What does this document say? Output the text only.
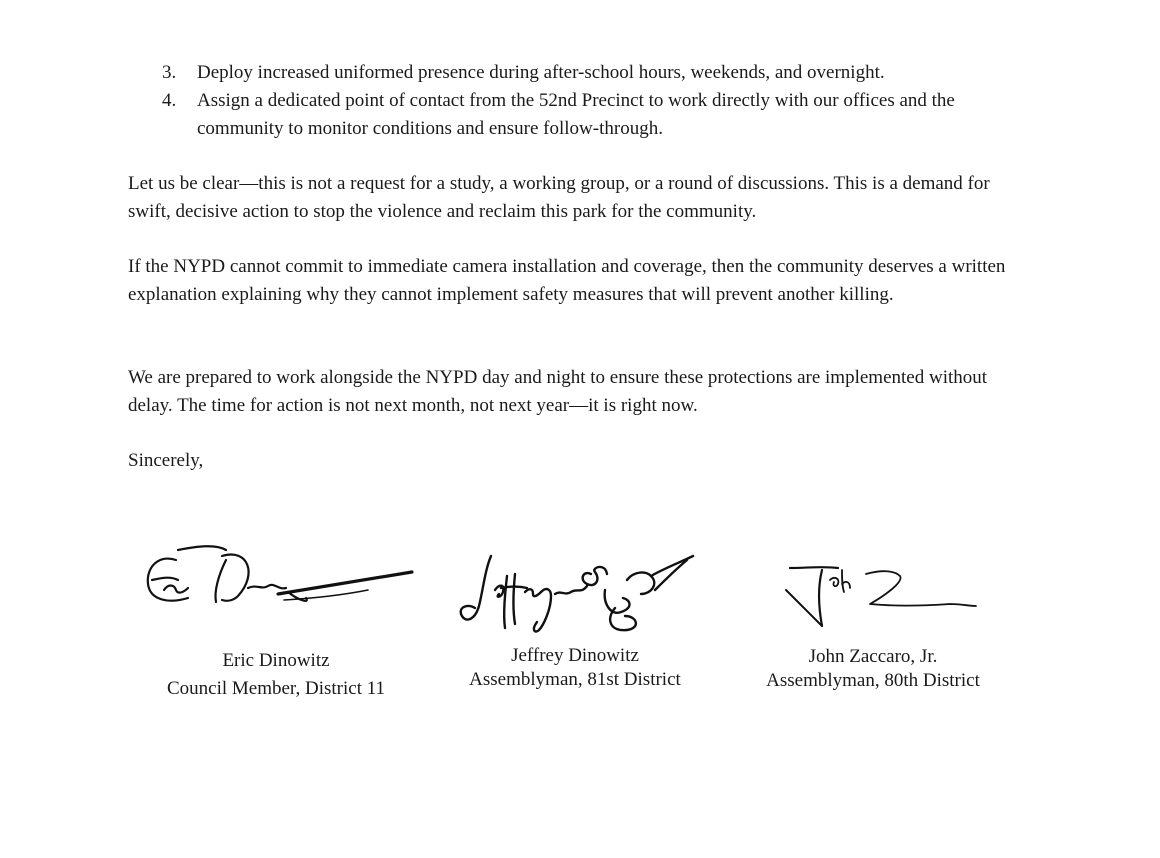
3. Deploy increased uniformed presence during after-school hours, weekends, and overnight.
4. Assign a dedicated point of contact from the 52nd Precinct to work directly with our offices and the community to monitor conditions and ensure follow-through.

Let us be clear—this is not a request for a study, a working group, or a round of discussions. This is a demand for swift, decisive action to stop the violence and reclaim this park for the community.

If the NYPD cannot commit to immediate camera installation and coverage, then the community deserves a written explanation explaining why they cannot implement safety measures that will prevent another killing.

We are prepared to work alongside the NYPD day and night to ensure these protections are implemented without delay. The time for action is not next month, not next year—it is right now.

Sincerely,

Eric Dinowitz
Council Member, District 11
Jeffrey Dinowitz
Assemblyman, 81st District
John Zaccaro, Jr.
Assemblyman, 80th District
